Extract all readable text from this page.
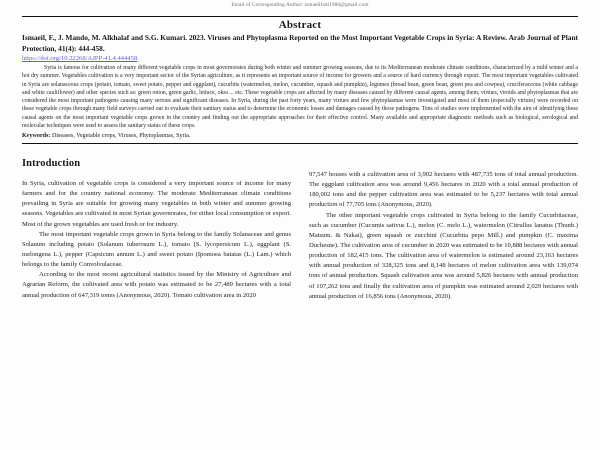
Email of Corresponding Author: ismaeilfadi1980@gmail.com
Abstract

Ismaeil, F., J. Mando, M. Alkhalaf and S.G. Kumari. 2023. Viruses and Phytoplasma Reported on the Most Important Vegetable Crops in Syria: A Review. Arab Journal of Plant Protection, 41(4): 444-458.

https://doi.org/10.22268/AJPP-41.4.444458

Syria is famous for cultivation of many different vegetable crops in most governorates during both winter and summer growing seasons, due to its Mediterranean moderate climate conditions, characterized by a mild winter and a hot dry summer. Vegetables cultivation is a very important sector of the Syrian agriculture, as it represents an important source of income for growers and a source of hard currency through export. The most important vegetables cultivated in Syria are solanaceous crops (potato, tomato, sweet potato, pepper and eggplant), cucurbits (watermelon, melon, cucumber, squash and pumpkin), legumes (broad bean, green bean, green pea and cowpea), cruciferaceous (white cabbage and white cauliflower) and other species such as: green onion, green garlic, lettuce, okra ... etc. These vegetable crops are affected by many diseases caused by different causal agents, among them, virtues, viroids and phytoplasmas that are considered the most important pathogens causing many serious and significant diseases. In Syria, during the past forty years, many virtues and few phytoplasmas were investigated and most of them (especially virtues) were recorded on these vegetable crops through many field surveys carried out to evaluate their sanitary status and to determine the economic losses and damages caused by those pathogens. Tens of studies were implemented with the aim of identifying these causal agents on the most important vegetable crops grown in the country and finding out the appropriate approaches for their effective control. Many available and appropriate diagnostic methods such as biological, serological and molecular techniques were used to assess the sanitary status of these crops.

Keywords: Diseases, Vegetable crops, Viruses, Phytoplasmas, Syria.

Introduction

In Syria, cultivation of vegetable crops is considered a very important source of income for many farmers and for the country national economy. The moderate Mediterranean climate conditions prevailing in Syria are suitable for growing many vegetables in both winter and summer growing seasons. Vegetables are cultivated in most Syrian governorates, for either local consumption or export. Most of the grown vegetables are used fresh or for industry.

The most important vegetable crops grown in Syria belong to the family Solanaceae and genus Solanum including potato (Solanum tuberosum L.), tomato (S. lycopersicum L.), eggplant (S. melongena L.), pepper (Capsicum annum L.) and sweet potato (Ipomoea batatas (L.) Lam.) which belongs to the family Convolvulaceae.

According to the most recent agricultural statistics issued by the Ministry of Agriculture and Agrarian Reform, the cultivated area with potato was estimated to be 27,489 hectares with a total annual production of 647,319 tones (Anonymous, 2020). Tomato cultivation area in 2020

97,547 houses with a cultivation area of 3,902 hectares with 487,735 tons of total annual production. The eggplant cultivation area was around 9,456 hectares in 2020 with a total annual production of 180,002 tons and the pepper cultivation area was estimated to be 5,237 hectares with total annual production of 77,705 tons (Anonymous, 2020).

The other important vegetable crops cultivated in Syria belong to the family Cucurbitaceae, such as cucumber (Cucumis sativus L.), melon (C. melo L.), watermelon (Citrullus lanatus (Thunb.) Matsum. & Nakai), green squash or zucchini (Cucurbita pepo Mill.) and pumpkin (C. maxima Duchesne). The cultivation area of cucumber in 2020 was estimated to be 10,888 hectares with annual production of 182,415 tons. The cultivation area of watermelon is estimated around 23,163 hectares with annual production of 328,325 tons and 8,148 hectares of melon cultivation area with 139,074 tons of annual production. Squash cultivation area was around 5,826 hectares with annual production of 107,262 tons and finally the cultivation area of pumpkin was estimated around 2,029 hectares with annual production of 16,856 tons (Anonymous, 2020).
